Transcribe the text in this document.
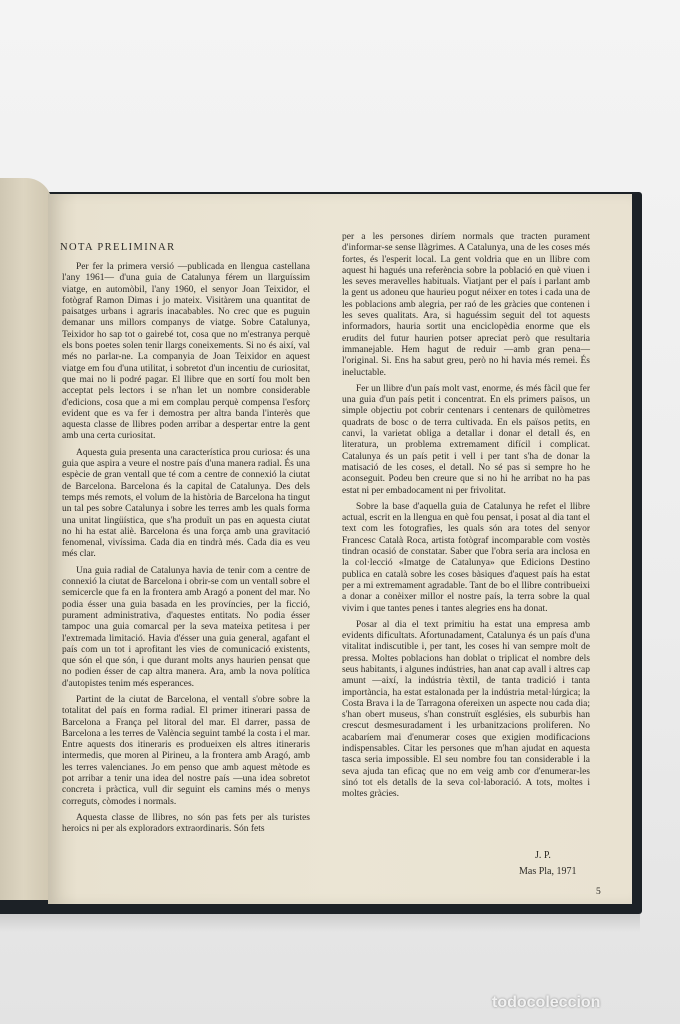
NOTA PRELIMINAR

Per fer la primera versió —publicada en llengua castellana l'any 1961— d'una guia de Catalunya férem un llarguíssim viatge, en automòbil, l'any 1960, el senyor Joan Teixidor, el fotògraf Ramon Dimas i jo mateix. Visitàrem una quantitat de paisatges urbans i agraris inacabables. No crec que es puguin demanar uns millors companys de viatge. Sobre Catalunya, Teixidor ho sap tot o gairebé tot, cosa que no m'estranya perquè els bons poetes solen tenir llargs coneixements. Si no és així, val més no parlar-ne. La companyia de Joan Teixidor en aquest viatge em fou d'una utilitat, i sobretot d'un incentiu de curiositat, que mai no li podré pagar. El llibre que en sortí fou molt ben acceptat pels lectors i se n'han let un nombre considerable d'edicions, cosa que a mi em complau perquè compensa l'esforç evident que es va fer i demostra per altra banda l'interès que aquesta classe de llibres poden arribar a despertar entre la gent amb una certa curiositat.

Aquesta guia presenta una característica prou curiosa: és una guia que aspira a veure el nostre país d'una manera radial. És una espècie de gran ventall que té com a centre de connexió la ciutat de Barcelona. Barcelona és la capital de Catalunya. Des dels temps més remots, el volum de la història de Barcelona ha tingut un tal pes sobre Catalunya i sobre les terres amb les quals forma una unitat lingüística, que s'ha produït un pas en aquesta ciutat no hi ha estat aliè. Barcelona és una força amb una gravitació fenomenal, vivíssima. Cada dia en tindrà més. Cada dia es veu més clar.

Una guia radial de Catalunya havia de tenir com a centre de connexió la ciutat de Barcelona i obrir-se com un ventall sobre el semicercle que fa en la frontera amb Aragó a ponent del mar. No podia ésser una guia basada en les províncies, per la ficció, purament administrativa, d'aquestes entitats. No podia ésser tampoc una guia comarcal per la seva mateixa petitesa i per l'extremada limitació. Havia d'ésser una guia general, agafant el país com un tot i aprofitant les vies de comunicació existents, que són el que són, i que durant molts anys haurien pensat que no podien ésser de cap altra manera. Ara, amb la nova política d'autopistes tenim més esperances.

Partint de la ciutat de Barcelona, el ventall s'obre sobre la totalitat del país en forma radial. El primer itinerari passa de Barcelona a França pel litoral del mar. El darrer, passa de Barcelona a les terres de València seguint també la costa i el mar. Entre aquests dos itineraris es produeixen els altres itineraris intermedis, que moren al Pirineu, a la frontera amb Aragó, amb les terres valencianes. Jo em penso que amb aquest mètode es pot arribar a tenir una idea del nostre país —una idea sobretot concreta i pràctica, vull dir seguint els camins més o menys correguts, còmodes i normals.

Aquesta classe de llibres, no són pas fets per als turistes heroics ni per als exploradors extraordinaris. Són fets

per a les persones diríem normals que tracten purament d'informar-se sense llàgrimes. A Catalunya, una de les coses més fortes, és l'esperit local. La gent voldria que en un llibre com aquest hi hagués una referència sobre la població en què viuen i les seves meravelles habituals. Viatjant per el país i parlant amb la gent us adoneu que haurieu pogut néixer en totes i cada una de les poblacions amb alegria, per raó de les gràcies que contenen i les seves qualitats. Ara, si haguéssim seguit del tot aquests informadors, hauria sortit una enciclopèdia enorme que els erudits del futur haurien potser apreciat però que resultaria immanejable. Hem hagut de reduir —amb gran pena— l'original. Si. Ens ha sabut greu, però no hi havia més remei. És ineluctable.

Fer un llibre d'un país molt vast, enorme, és més fàcil que fer una guia d'un país petit i concentrat. En els primers països, un simple objectiu pot cobrir centenars i centenars de quilòmetres quadrats de bosc o de terra cultivada. En els països petits, en canvi, la varietat obliga a detallar i donar el detall és, en literatura, un problema extremament difícil i complicat. Catalunya és un país petit i vell i per tant s'ha de donar la matisació de les coses, el detall. No sé pas si sempre ho he aconseguit. Podeu ben creure que si no hi he arribat no ha pas estat ni per embadocament ni per frivolitat.

Sobre la base d'aquella guia de Catalunya he refet el llibre actual, escrit en la llengua en què fou pensat, i posat al dia tant el text com les fotografies, les quals són ara totes del senyor Francesc Català Roca, artista fotògraf incomparable com vostès tindran ocasió de constatar. Saber que l'obra seria ara inclosa en la col·lecció «Imatge de Catalunya» que Edicions Destino publica en català sobre les coses bàsiques d'aquest país ha estat per a mi extremament agradable. Tant de bo el llibre contribueixi a donar a conèixer millor el nostre país, la terra sobre la qual vivim i que tantes penes i tantes alegries ens ha donat.

Posar al dia el text primitiu ha estat una empresa amb evidents dificultats. Afortunadament, Catalunya és un país d'una vitalitat indiscutible i, per tant, les coses hi van sempre molt de pressa. Moltes poblacions han doblat o triplicat el nombre dels seus habitants, i algunes indústries, han anat cap avall i altres cap amunt —així, la indústria tèxtil, de tanta tradició i tanta importància, ha estat estalonada per la indústria metal·lúrgica; la Costa Brava i la de Tarragona ofereixen un aspecte nou cada dia; s'han obert museus, s'han construït esglésies, els suburbis han crescut desmesuradament i les urbanitzacions proliferen. No acabaríem mai d'enumerar coses que exigien modificacions indispensables. Citar les persones que m'han ajudat en aquesta tasca seria impossible. El seu nombre fou tan considerable i la seva ajuda tan eficaç que no em veig amb cor d'enumerar-les sinó tot els detalls de la seva col·laboració. A tots, moltes i moltes gràcies.

J. P.
Mas Pla, 1971
5
todocoleccion
